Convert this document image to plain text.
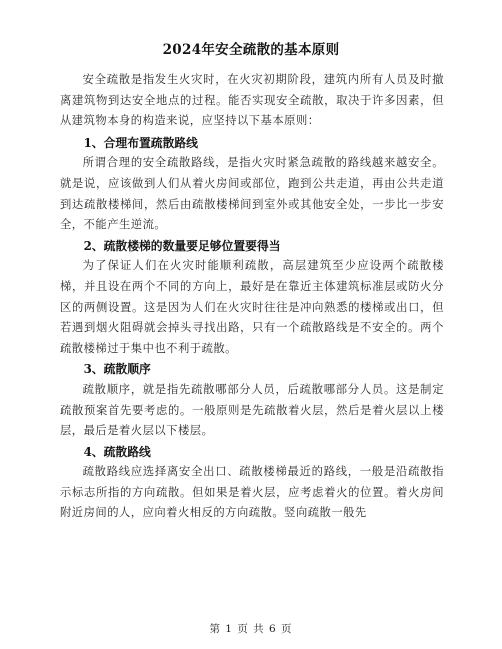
2024年安全疏散的基本原则

安全疏散是指发生火灾时，在火灾初期阶段，建筑内所有人员及时撤离建筑物到达安全地点的过程。能否实现安全疏散，取决于许多因素，但从建筑物本身的构造来说，应坚持以下基本原则：

1、合理布置疏散路线

所谓合理的安全疏散路线，是指火灾时紧急疏散的路线越来越安全。就是说，应该做到人们从着火房间或部位，跑到公共走道，再由公共走道到达疏散楼梯间，然后由疏散楼梯间到室外或其他安全处，一步比一步安全，不能产生逆流。

2、疏散楼梯的数量要足够位置要得当

为了保证人们在火灾时能顺利疏散，高层建筑至少应设两个疏散楼梯，并且设在两个不同的方向上，最好是在靠近主体建筑标准层或防火分区的两侧设置。这是因为人们在火灾时往往是冲向熟悉的楼梯或出口，但若遇到烟火阻碍就会掉头寻找出路，只有一个疏散路线是不安全的。两个疏散楼梯过于集中也不利于疏散。

3、疏散顺序

疏散顺序，就是指先疏散哪部分人员，后疏散哪部分人员。这是制定疏散预案首先要考虑的。一般原则是先疏散着火层，然后是着火层以上楼层，最后是着火层以下楼层。

4、疏散路线

疏散路线应选择离安全出口、疏散楼梯最近的路线，一般是沿疏散指示标志所指的方向疏散。但如果是着火层，应考虑着火的位置。着火房间附近房间的人，应向着火相反的方向疏散。竖向疏散一般先

第 1 页 共 6 页
